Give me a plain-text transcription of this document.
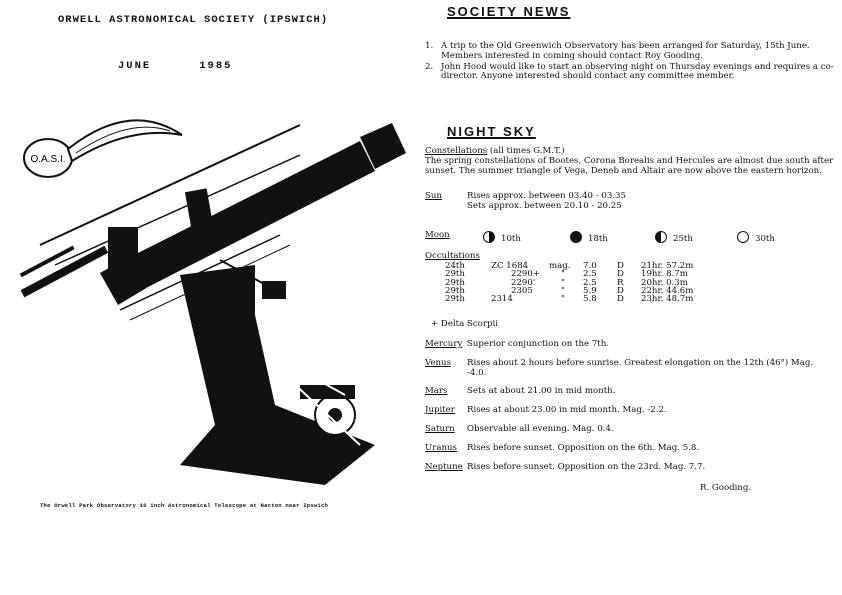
ORWELL ASTRONOMICAL SOCIETY (IPSWICH)
JUNE	1985
O.A.S.I.
The Orwell Park Observatory 10 inch Astronomical Telescope at Nacton near Ipswich
SOCIETY NEWS
1. A trip to the Old Greenwich Observatory has been arranged for Saturday, 15th June. Members interested in coming should contact Roy Gooding.
2. John Hood would like to start an observing night on Thursday evenings and requires a co-director. Anyone interested should contact any committee member.
NIGHT SKY
Constellations (all times G.M.T.)
The spring constellations of Bootes, Corona Borealis and Hercules are almost due south after sunset. The summer triangle of Vega, Deneb and Altair are now above the eastern horizon.
Sun	Rises approx. between 03.40 - 03.35
Sets approx. between 20.10 - 20.25
Moon	10th	18th	25th	30th
Occultations
24th	ZC 1684 mag. 7.0 D 21hr. 57.2m
29th	2290+ " 2.5 D 19hr. 8.7m
29th	2290'	" 2.5 R 20hr. 0.3m
29th	2305	" 5.9 D 22hr. 44.6m
29th	2314	" 5.8 D 23hr. 48.7m
+ Delta Scorpii
Mercury Superior conjunction on the 7th.
Venus Rises about 2 hours before sunrise. Greatest elongation on the 12th (46°) Mag. -4.0.
Mars Sets at about 21.00 in mid month.
Jupiter Rises at about 23.00 in mid month. Mag. -2.2.
Saturn Observable all evening. Mag. 0.4.
Uranus Rises before sunset. Opposition on the 6th. Mag. 5.8.
Neptune Rises before sunset. Opposition on the 23rd. Mag. 7.7.
R. Gooding.
